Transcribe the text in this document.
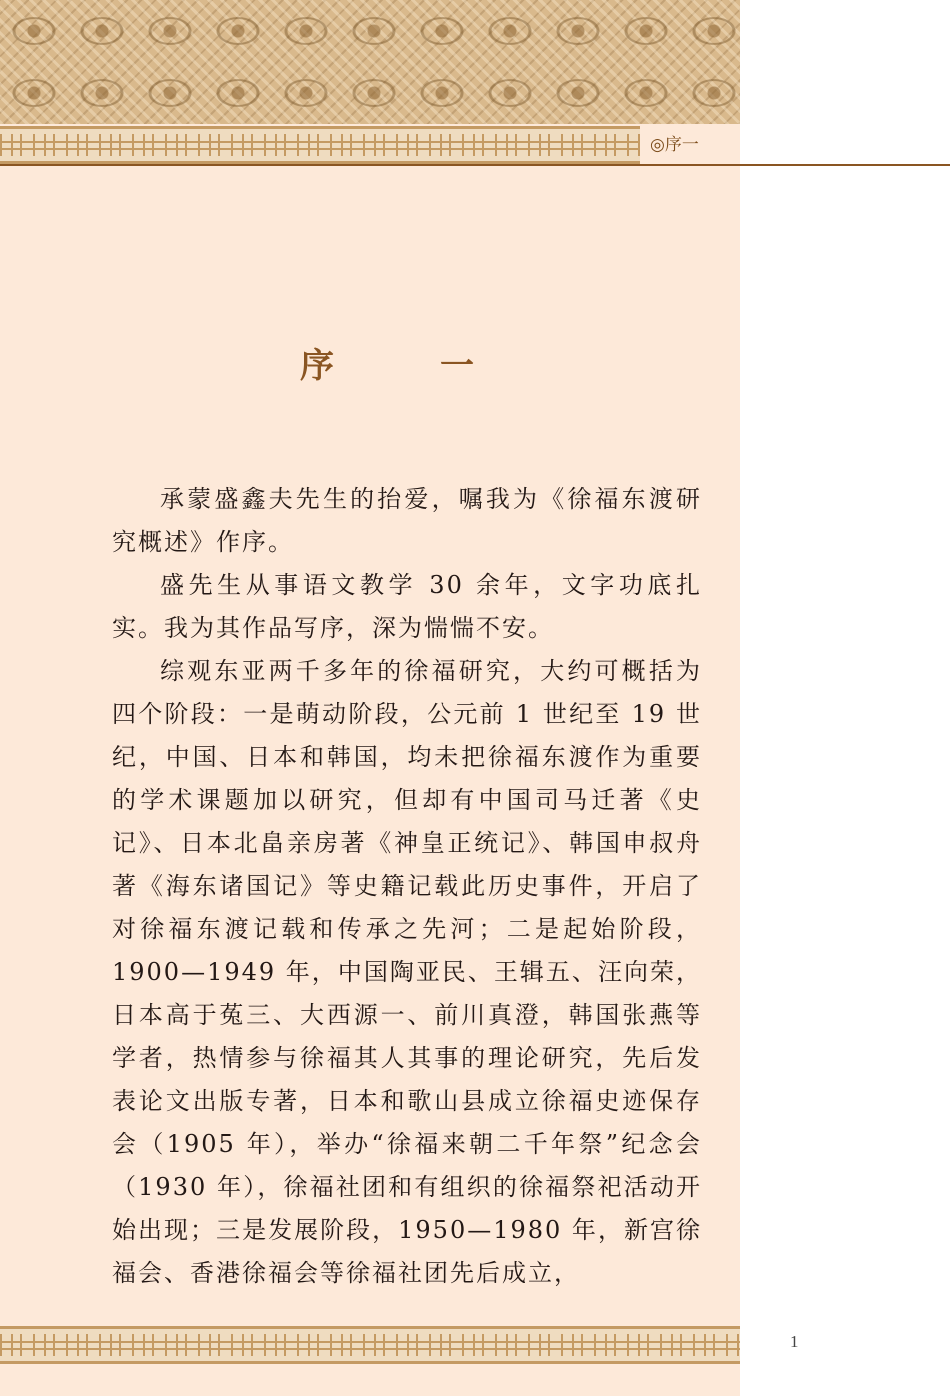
◎序一
序　一

承蒙盛鑫夫先生的抬爱，嘱我为《徐福东渡研究概述》作序。

盛先生从事语文教学 30 余年，文字功底扎实。我为其作品写序，深为惴惴不安。

综观东亚两千多年的徐福研究，大约可概括为四个阶段：一是萌动阶段，公元前 1 世纪至 19 世纪，中国、日本和韩国，均未把徐福东渡作为重要的学术课题加以研究，但却有中国司马迁著《史记》、日本北畠亲房著《神皇正统记》、韩国申叔舟著《海东诸国记》等史籍记载此历史事件，开启了对徐福东渡记载和传承之先河；二是起始阶段，1900—1949 年，中国陶亚民、王辑五、汪向荣，日本高于菟三、大西源一、前川真澄，韩国张燕等学者，热情参与徐福其人其事的理论研究，先后发表论文出版专著，日本和歌山县成立徐福史迹保存会（1905 年），举办“徐福来朝二千年祭”纪念会（1930 年），徐福社团和有组织的徐福祭祀活动开始出现；三是发展阶段，1950—1980 年，新宫徐福会、香港徐福会等徐福社团先后成立，

1
